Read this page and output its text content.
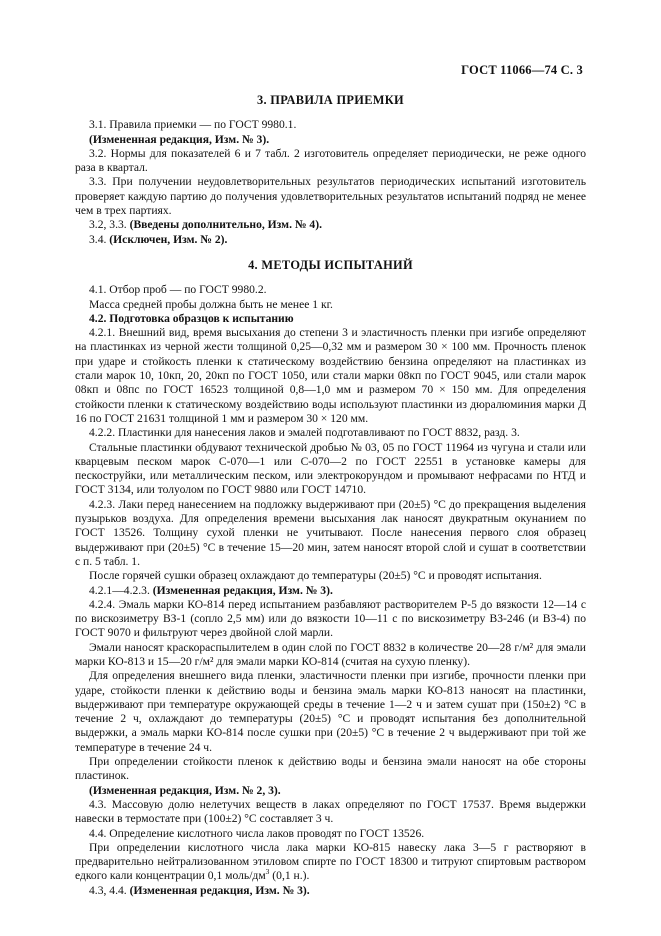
ГОСТ 11066—74 С. 3
3. ПРАВИЛА ПРИЕМКИ

3.1. Правила приемки — по ГОСТ 9980.1.

(Измененная редакция, Изм. № 3).

3.2. Нормы для показателей 6 и 7 табл. 2 изготовитель определяет периодически, не реже одного раза в квартал.

3.3. При получении неудовлетворительных результатов периодических испытаний изготовитель проверяет каждую партию до получения удовлетворительных результатов испытаний подряд не менее чем в трех партиях.

3.2, 3.3. (Введены дополнительно, Изм. № 4).

3.4. (Исключен, Изм. № 2).

4. МЕТОДЫ ИСПЫТАНИЙ

4.1. Отбор проб — по ГОСТ 9980.2.

Масса средней пробы должна быть не менее 1 кг.

4.2. Подготовка образцов к испытанию

4.2.1. Внешний вид, время высыхания до степени 3 и эластичность пленки при изгибе определяют на пластинках из черной жести толщиной 0,25—0,32 мм и размером 30 × 100 мм. Прочность пленок при ударе и стойкость пленки к статическому воздействию бензина определяют на пластинках из стали марок 10, 10кп, 20, 20кп по ГОСТ 1050, или стали марки 08кп по ГОСТ 9045, или стали марок 08кп и 08пс по ГОСТ 16523 толщиной 0,8—1,0 мм и размером 70 × 150 мм. Для определения стойкости пленки к статическому воздействию воды используют пластинки из дюралюминия марки Д 16 по ГОСТ 21631 толщиной 1 мм и размером 30 × 120 мм.

4.2.2. Пластинки для нанесения лаков и эмалей подготавливают по ГОСТ 8832, разд. 3.

Стальные пластинки обдувают технической дробью № 03, 05 по ГОСТ 11964 из чугуна и стали или кварцевым песком марок С-070—1 или С-070—2 по ГОСТ 22551 в установке камеры для пескоструйки, или металлическим песком, или электрокорундом и промывают нефрасами по НТД и ГОСТ 3134, или толуолом по ГОСТ 9880 или ГОСТ 14710.

4.2.3. Лаки перед нанесением на подложку выдерживают при (20±5) °С до прекращения выделения пузырьков воздуха. Для определения времени высыхания лак наносят двукратным окунанием по ГОСТ 13526. Толщину сухой пленки не учитывают. После нанесения первого слоя образец выдерживают при (20±5) °С в течение 15—20 мин, затем наносят второй слой и сушат в соответствии с п. 5 табл. 1.

После горячей сушки образец охлаждают до температуры (20±5) °С и проводят испытания.

4.2.1—4.2.3. (Измененная редакция, Изм. № 3).

4.2.4. Эмаль марки КО-814 перед испытанием разбавляют растворителем Р-5 до вязкости 12—14 с по вискозиметру ВЗ-1 (сопло 2,5 мм) или до вязкости 10—11 с по вискозиметру ВЗ-246 (и ВЗ-4) по ГОСТ 9070 и фильтруют через двойной слой марли.

Эмали наносят краскораспылителем в один слой по ГОСТ 8832 в количестве 20—28 г/м² для эмали марки КО-813 и 15—20 г/м² для эмали марки КО-814 (считая на сухую пленку).

Для определения внешнего вида пленки, эластичности пленки при изгибе, прочности пленки при ударе, стойкости пленки к действию воды и бензина эмаль марки КО-813 наносят на пластинки, выдерживают при температуре окружающей среды в течение 1—2 ч и затем сушат при (150±2) °С в течение 2 ч, охлаждают до температуры (20±5) °С и проводят испытания без дополнительной выдержки, а эмаль марки КО-814 после сушки при (20±5) °С в течение 2 ч выдерживают при той же температуре в течение 24 ч.

При определении стойкости пленок к действию воды и бензина эмали наносят на обе стороны пластинок.

(Измененная редакция, Изм. № 2, 3).

4.3. Массовую долю нелетучих веществ в лаках определяют по ГОСТ 17537. Время выдержки навески в термостате при (100±2) °С составляет 3 ч.

4.4. Определение кислотного числа лаков проводят по ГОСТ 13526.

При определении кислотного числа лака марки КО-815 навеску лака 3—5 г растворяют в предварительно нейтрализованном этиловом спирте по ГОСТ 18300 и титруют спиртовым раствором едкого кали концентрации 0,1 моль/$дм^3$ (0,1 н.).

4.3, 4.4. (Измененная редакция, Изм. № 3).
